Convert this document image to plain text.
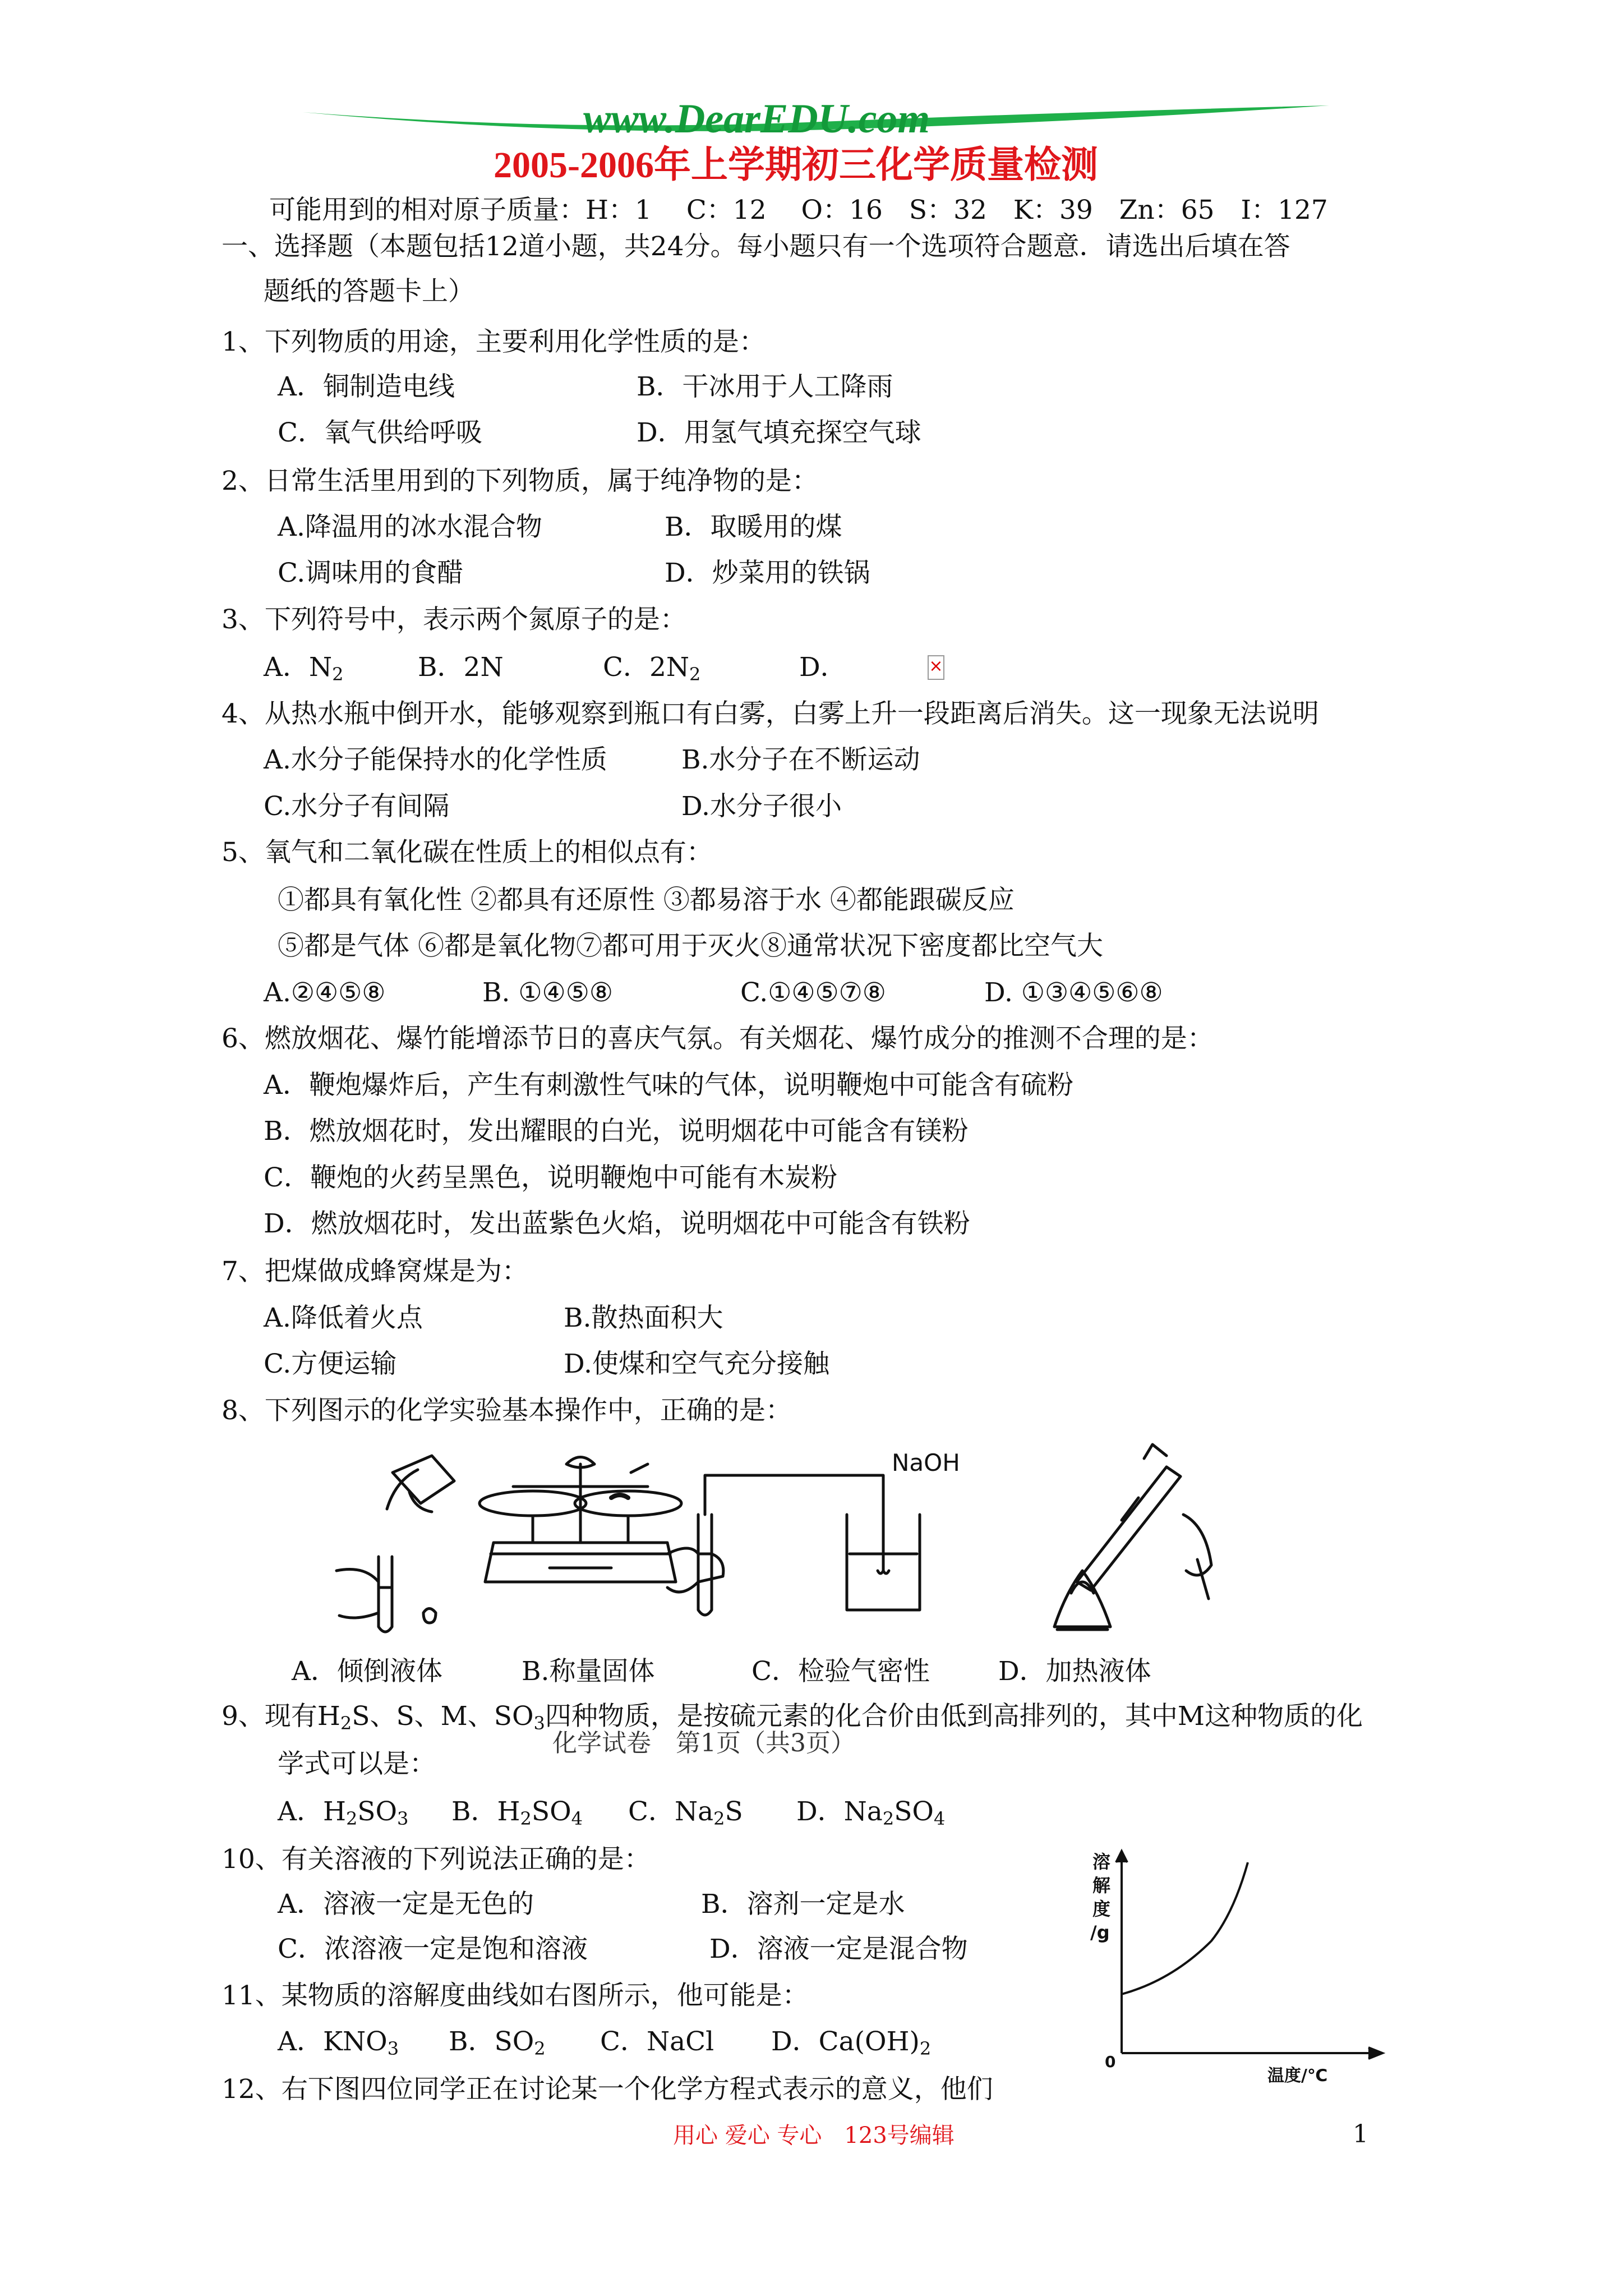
www.DearEDU.com
2005-2006年上学期初三化学质量检测
可能用到的相对原子质量：H：1　 C：12　 O：16　S：32　K：39　Zn：65　I：127
一、选择题（本题包括12道小题，共24分。每小题只有一个选项符合题意．请选出后填在答
题纸的答题卡上）
1、下列物质的用途，主要利用化学性质的是：
A．铜制造电线	B．干冰用于人工降雨
C．氧气供给呼吸	D．用氢气填充探空气球
2、日常生活里用到的下列物质，属于纯净物的是：
A.降温用的冰水混合物	B．取暖用的煤
C.调味用的食醋	D．炒菜用的铁锅
3、下列符号中，表示两个氮原子的是：
A．$N_2$	B．2N	C．$2N_2$	D．	×
4、从热水瓶中倒开水，能够观察到瓶口有白雾，白雾上升一段距离后消失。这一现象无法说明
A.水分子能保持水的化学性质	B.水分子在不断运动
C.水分子有间隔	D.水分子很小
5、氧气和二氧化碳在性质上的相似点有：
①都具有氧化性 ②都具有还原性 ③都易溶于水 ④都能跟碳反应
⑤都是气体 ⑥都是氧化物⑦都可用于灭火⑧通常状况下密度都比空气大
A.②④⑤⑧	B. ①④⑤⑧	C.①④⑤⑦⑧	D. ①③④⑤⑥⑧
6、燃放烟花、爆竹能增添节日的喜庆气氛。有关烟花、爆竹成分的推测不合理的是：
A．鞭炮爆炸后，产生有刺激性气味的气体，说明鞭炮中可能含有硫粉
B．燃放烟花时，发出耀眼的白光，说明烟花中可能含有镁粉
C．鞭炮的火药呈黑色，说明鞭炮中可能有木炭粉
D．燃放烟花时，发出蓝紫色火焰，说明烟花中可能含有铁粉
7、把煤做成蜂窝煤是为：
A.降低着火点	B.散热面积大
C.方便运输	D.使煤和空气充分接触
8、下列图示的化学实验基本操作中，正确的是：
NaOH
A．倾倒液体	B.称量固体	C．检验气密性	D．加热液体
9、现有$H_2S$、S、M、$SO_3$四种物质，是按硫元素的化合价由低到高排列的，其中M这种物质的化
化学试卷　第1页（共3页）
学式可以是：
A．$H_2SO_3$ B．$H_2SO_4$ C．$Na_2S$ D．$Na_2SO_4$
10、有关溶液的下列说法正确的是：
A．溶液一定是无色的	B．溶剂一定是水
C．浓溶液一定是饱和溶液	D．溶液一定是混合物
11、某物质的溶解度曲线如右图所示，他可能是：
A．$KNO_3$ B．$SO_2$ C．NaCl D．$Ca(OH)_2$
12、右下图四位同学正在讨论某一个化学方程式表示的意义，他们
溶
解
度
/g
0
温度/℃
用心 爱心 专心　123号编辑	1
